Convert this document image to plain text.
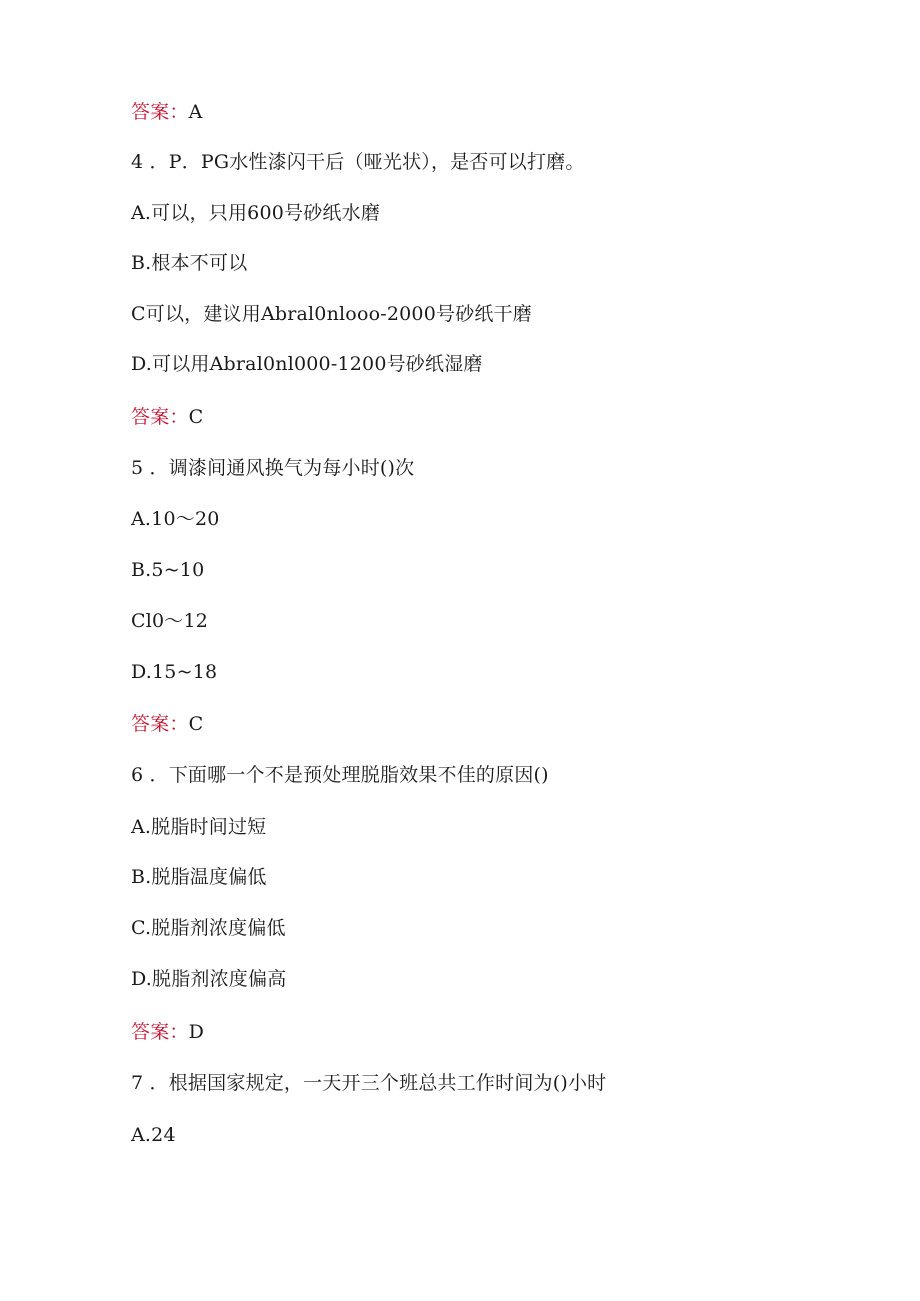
答案：A
4 ．P．PG水性漆闪干后（哑光状），是否可以打磨。
A.可以，只用600号砂纸水磨
B.根本不可以
C可以，建议用Abral0nlooo-2000号砂纸干磨
D.可以用Abral0nl000-1200号砂纸湿磨
答案：C
5 ．调漆间通风换气为每小时()次
A.10～20
B.5~10
Cl0～12
D.15~18
答案：C
6 ．下面哪一个不是预处理脱脂效果不佳的原因()
A.脱脂时间过短
B.脱脂温度偏低
C.脱脂剂浓度偏低
D.脱脂剂浓度偏高
答案：D
7 ．根据国家规定，一天开三个班总共工作时间为()小时
A.24
